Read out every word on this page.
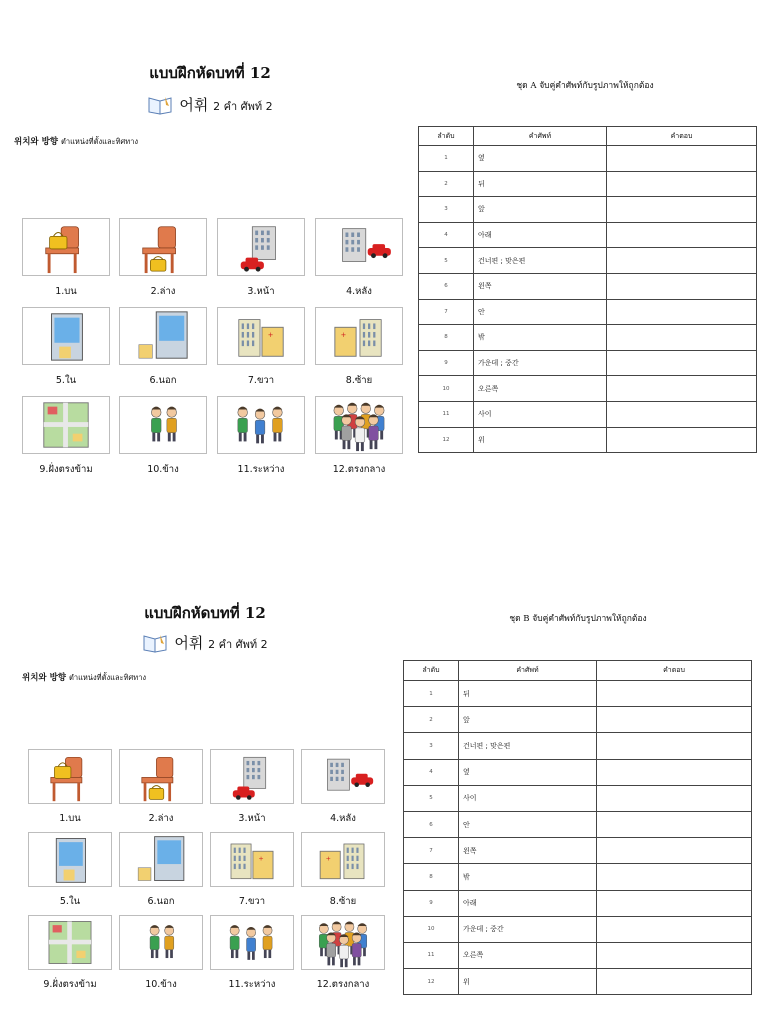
แบบฝึกหัดบทที่ 12
어휘 2 คำ ศัพท์ 2
위치와 방향 ตำแหน่งที่ตั้งและทิศทาง
ชุด A จับคู่คำศัพท์กับรูปภาพให้ถูกต้อง
1.บน	2.ล่าง	3.หน้า	4.หลัง
5.ใน	6.นอก
+
7.ขวา
+
8.ซ้าย
9.ฝั่งตรงข้าม	10.ข้าง	11.ระหว่าง	12.ตรงกลาง
ลำดับ	คำศัพท์	คำตอบ
1	옆	
2	뒤	
3	앞	
4	아래	
5	건너편 ; 맞은편	
6	왼쪽	
7	안	
8	밖	
9	가운데 ; 중간	
10	오른쪽	
11	사이	
12	위	
แบบฝึกหัดบทที่ 12
어휘 2 คำ ศัพท์ 2
위치와 방향 ตำแหน่งที่ตั้งและทิศทาง
ชุด B จับคู่คำศัพท์กับรูปภาพให้ถูกต้อง
1.บน	2.ล่าง	3.หน้า	4.หลัง
5.ใน	6.นอก
+
7.ขวา
+
8.ซ้าย
9.ฝั่งตรงข้าม	10.ข้าง	11.ระหว่าง	12.ตรงกลาง
ลำดับ	คำศัพท์	คำตอบ
1	뒤	
2	앞	
3	건너편 ; 맞은편	
4	옆	
5	사이	
6	안	
7	왼쪽	
8	밖	
9	아래	
10	가운데 ; 중간	
11	오른쪽	
12	위	
